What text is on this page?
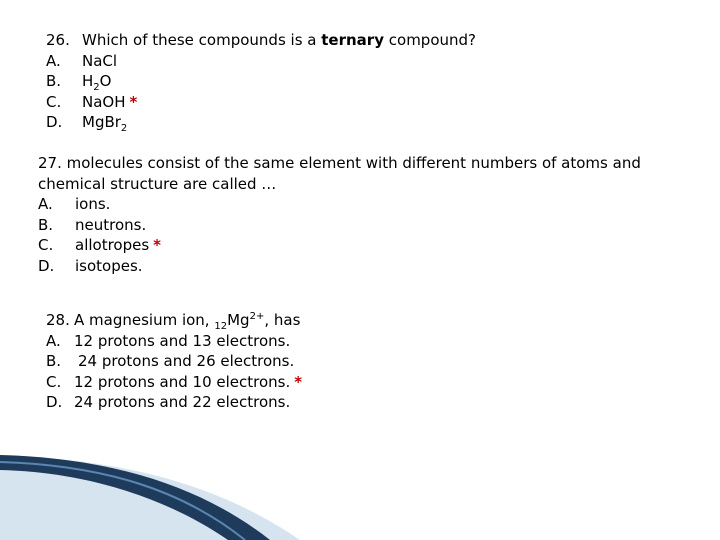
26. Which of these compounds is a ternary compound?
A.	NaCl
B.	$H_2O$
C.	NaOH *
D.	MgBr$_2$
27. molecules consist of the same element with different numbers of atoms and
chemical structure are called …
A.	ions.
B.	neutrons.
C.	allotropes *
D.	isotopes.
28. A magnesium ion, $_{12}Mg^{2+}$, has
A. 12 protons and 13 electrons.
B.	24 protons and 26 electrons.
C. 12 protons and 10 electrons. *
D. 24 protons and 22 electrons.
